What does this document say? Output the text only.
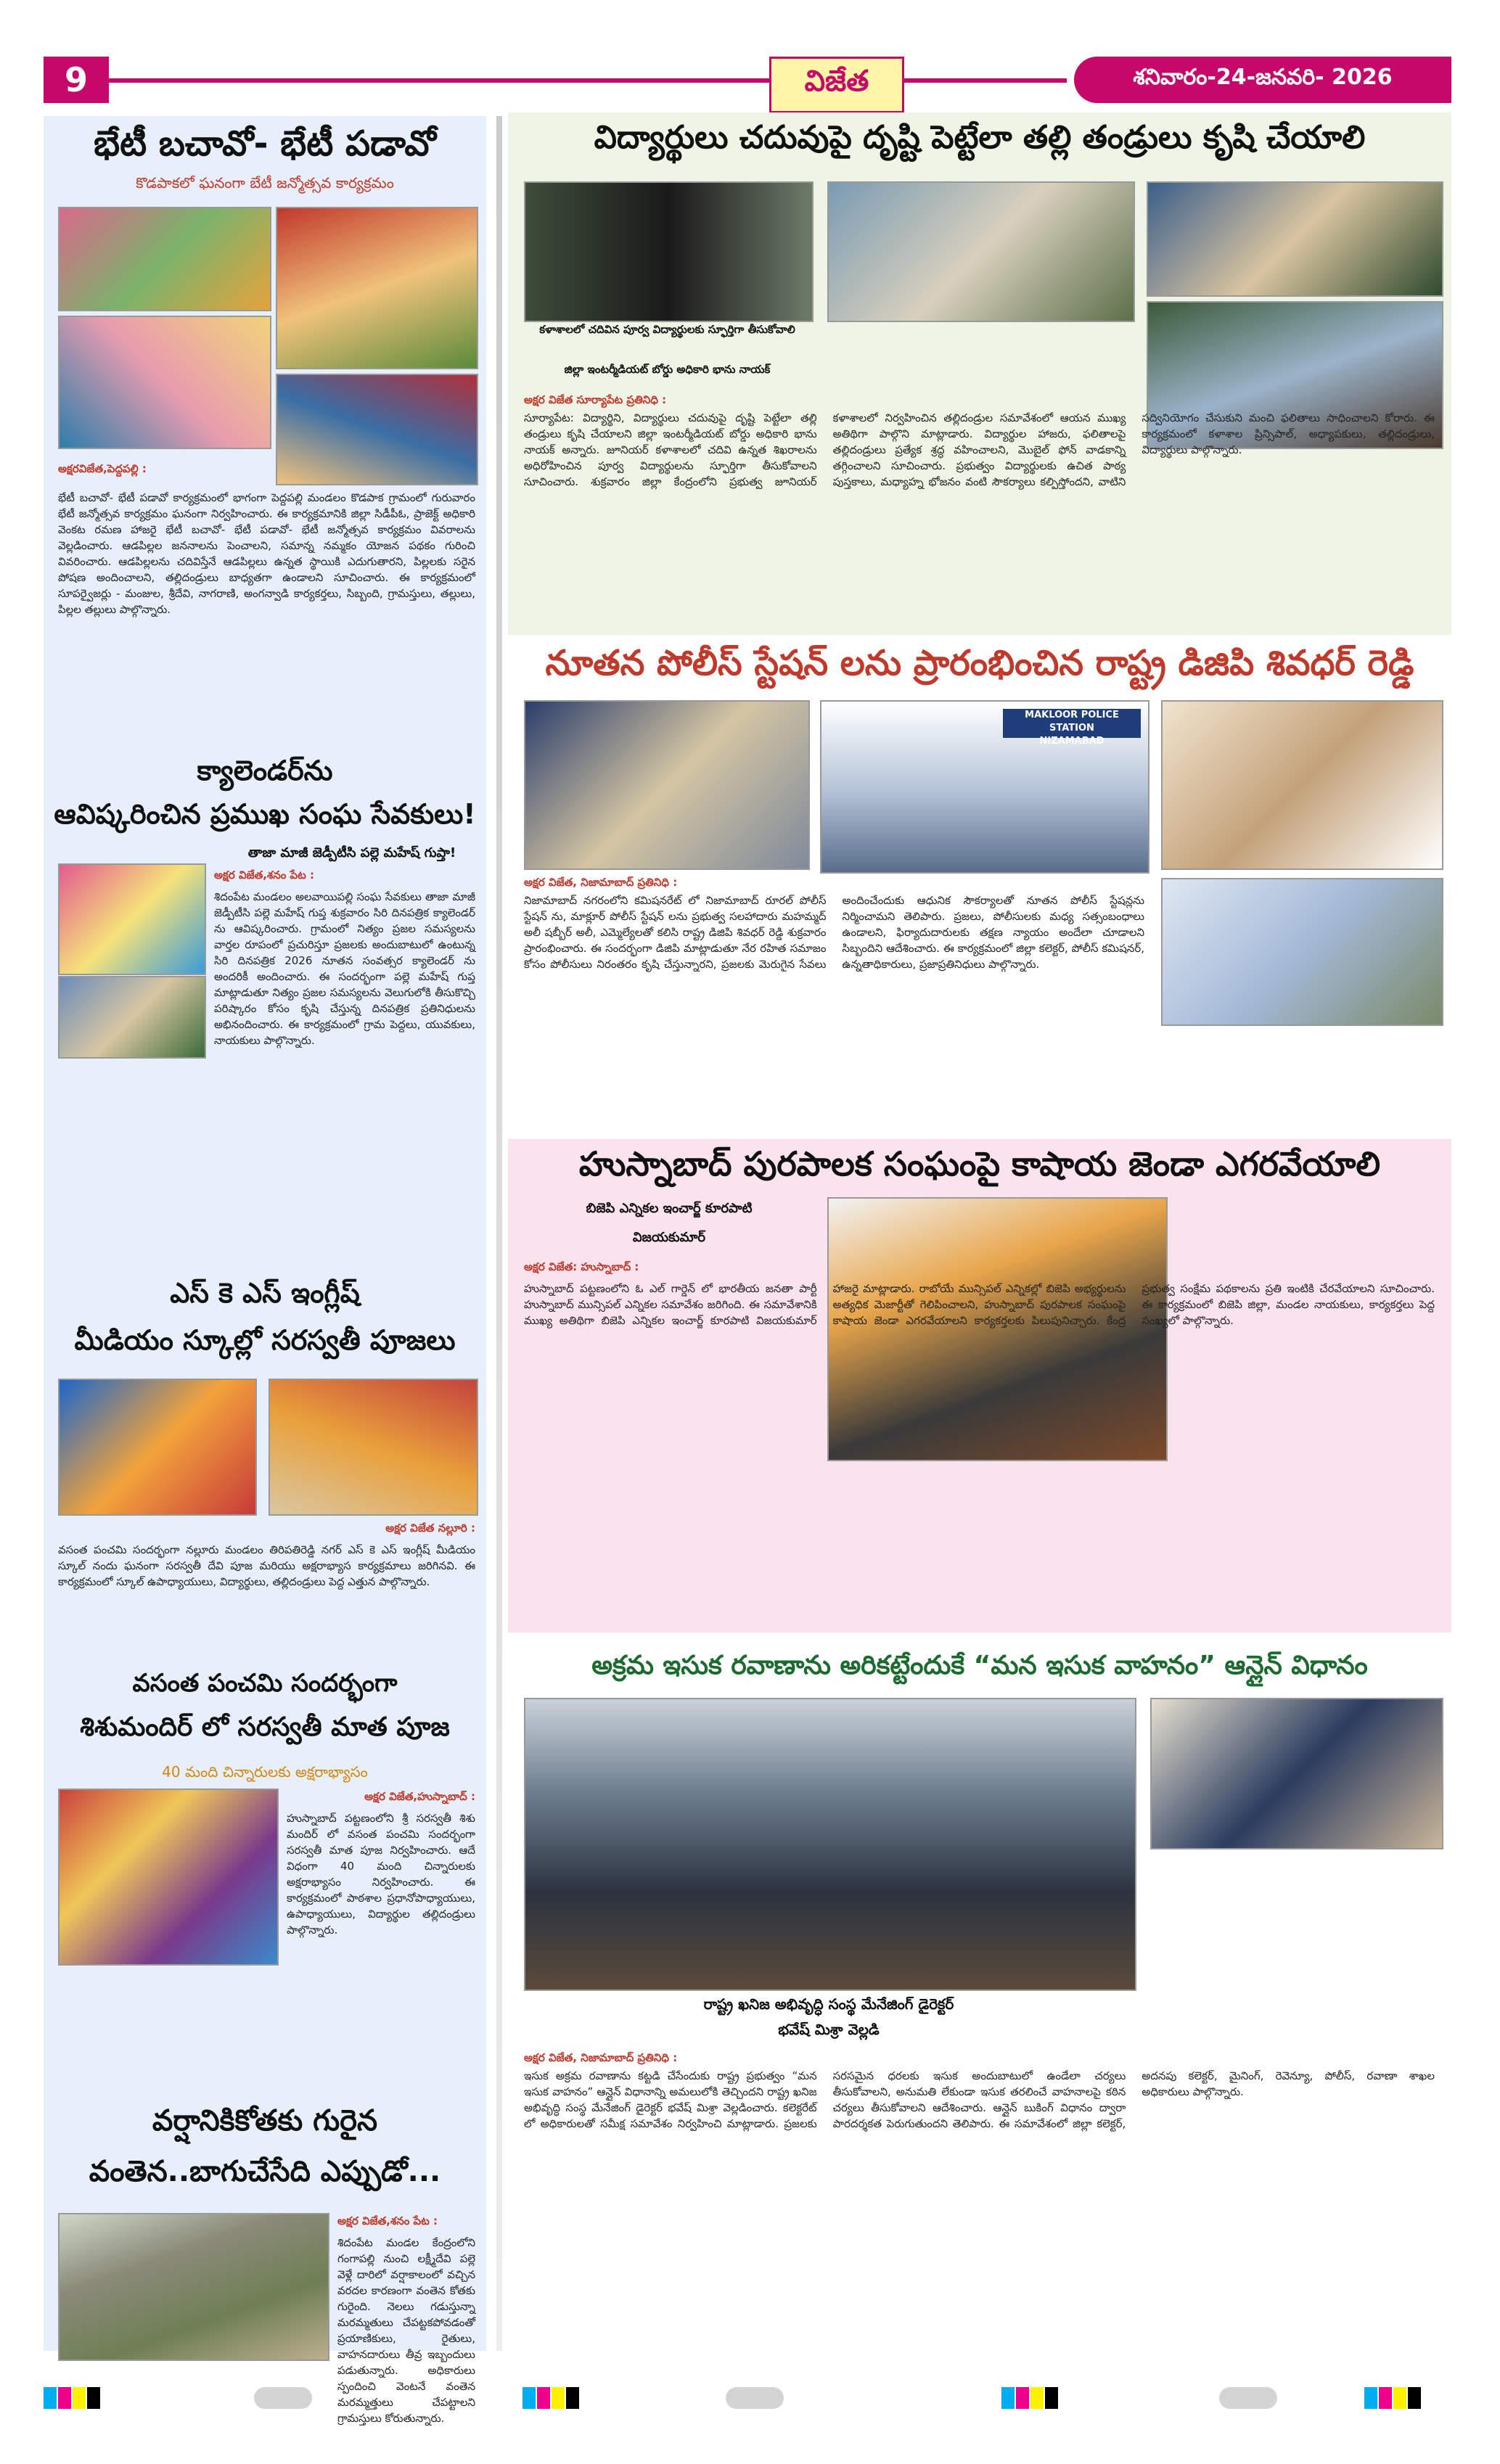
9	విజేత	శనివారం-24-జనవరి- 2026
భేటీ బచావో- భేటీ పడావో
కొడపాకలో ఘనంగా బేటీ జన్మోత్సవ కార్యక్రమం
అక్షరవిజేత,పెద్దపల్లి :
భేటీ బచావో- భేటీ పడావో కార్యక్రమంలో భాగంగా పెద్దపల్లి మండలం కొడపాక గ్రామంలో గురువారం భేటీ జన్మోత్సవ కార్యక్రమం ఘనంగా నిర్వహించారు. ఈ కార్యక్రమానికి జిల్లా సిడీపీఓ, ప్రాజెక్ట్ అధికారి వెంకట రమణ హాజరై భేటీ బచావో- భేటీ పడావో- భేటీ జన్మోత్సవ కార్యక్రమం వివరాలను వెల్లడించారు. ఆడపిల్లల జననాలను పెంచాలని, సమాన్న నమ్మకం యోజన పథకం గురించి వివరించారు. ఆడపిల్లలను చదివిస్తేనే ఆడపిల్లలు ఉన్నత స్థాయికి ఎదుగుతారని, పిల్లలకు సరైన పోషణ అందించాలని, తల్లిదండ్రులు బాధ్యతగా ఉండాలని సూచించారు. ఈ కార్యక్రమంలో సూపర్వైజర్లు - మంజుల, శ్రీదేవి, నాగరాణి, అంగన్వాడి కార్యకర్తలు, సిబ్బంది, గ్రామస్తులు, తల్లులు, పిల్లల తల్లులు పాల్గొన్నారు.
క్యాలెండర్‌ను
ఆవిష్కరించిన ప్రముఖ సంఘ సేవకులు!
తాజా మాజీ జెడ్పీటీసి పల్లె మహేష్ గుప్తా!
అక్షర విజేత,శనం పేట :
శిదంపేట మండలం అలవాయిపల్లి సంఘ సేవకులు తాజా మాజీ జెడ్పీటీసి పల్లె మహేష్ గుప్త శుక్రవారం సిరి దినపత్రిక క్యాలెండర్ ను ఆవిష్కరించారు. గ్రామంలో నిత్యం ప్రజల సమస్యలను వార్తల రూపంలో ప్రచురిస్తూ ప్రజలకు అందుబాటులో ఉంటున్న సిరి దినపత్రిక 2026 నూతన సంవత్సర క్యాలెండర్ ను అందరికీ అందించారు. ఈ సందర్భంగా పల్లె మహేష్ గుప్త మాట్లాడుతూ నిత్యం ప్రజల సమస్యలను వెలుగులోకి తీసుకొచ్చి పరిష్కారం కోసం కృషి చేస్తున్న దినపత్రిక ప్రతినిధులను అభినందించారు. ఈ కార్యక్రమంలో గ్రామ పెద్దలు, యువకులు, నాయకులు పాల్గొన్నారు.
ఎస్ కె ఎస్ ఇంగ్లీష్
మీడియం స్కూల్లో సరస్వతీ పూజలు
అక్షర విజేత నల్లూరి :
వసంత పంచమి సందర్భంగా నల్లూరు మండలం తిరిపతిరెడ్డి నగర్ ఎస్ కె ఎస్ ఇంగ్లీష్ మీడియం స్కూల్ నందు ఘనంగా సరస్వతీ దేవి పూజ మరియు అక్షరాభ్యాస కార్యక్రమాలు జరిగినవి. ఈ కార్యక్రమంలో స్కూల్ ఉపాధ్యాయులు, విద్యార్థులు, తల్లిదండ్రులు పెద్ద ఎత్తున పాల్గొన్నారు.
వసంత పంచమి సందర్భంగా
శిశుమందిర్ లో సరస్వతీ మాత పూజ
40 మంది చిన్నారులకు అక్షరాభ్యాసం
అక్షర విజేత,హుస్నాబాద్ :
హుస్నాబాద్ పట్టణంలోని శ్రీ సరస్వతీ శిశు మందిర్ లో వసంత పంచమి సందర్భంగా సరస్వతీ మాత పూజ నిర్వహించారు. ఆదే విధంగా 40 మంది చిన్నారులకు అక్షరాభ్యాసం నిర్వహించారు. ఈ కార్యక్రమంలో పాఠశాల ప్రధానోపాధ్యాయులు, ఉపాధ్యాయులు, విద్యార్థుల తల్లిదండ్రులు పాల్గొన్నారు.
వర్షానికికోతకు గురైన
వంతెన..బాగుచేసేది ఎప్పుడో...
అక్షర విజేత,శనం పేట :
శిదంపేట మండల కేంద్రంలోని గంగాపల్లి నుంచి లక్ష్మీదేవి పల్లె వెళ్లే దారిలో వర్షాకాలంలో వచ్చిన వరదల కారణంగా వంతెన కోతకు గురైంది. నెలలు గడుస్తున్నా మరమ్మతులు చేపట్టకపోవడంతో ప్రయాణికులు, రైతులు, వాహనదారులు తీవ్ర ఇబ్బందులు పడుతున్నారు. అధికారులు స్పందించి వెంటనే వంతెన మరమ్మత్తులు చేపట్టాలని గ్రామస్తులు కోరుతున్నారు.
విద్యార్థులు చదువుపై దృష్టి పెట్టేలా తల్లి తండ్రులు కృషి చేయాలి
కళాశాలలో చదివిన పూర్వ విద్యార్థులకు స్ఫూర్తిగా తీసుకోవాలి
జిల్లా ఇంటర్మీడియట్ బోర్డు అధికారి భాను నాయక్
అక్షర విజేత సూర్యాపేట ప్రతినిధి :
సూర్యాపేట: విద్యార్థిని, విద్యార్థులు చదువుపై దృష్టి పెట్టేలా తల్లి తండ్రులు కృషి చేయాలని జిల్లా ఇంటర్మీడియట్ బోర్డు అధికారి భాను నాయక్ అన్నారు. జూనియర్ కళాశాలలో చదివి ఉన్నత శిఖరాలను అధిరోహించిన పూర్వ విద్యార్థులను స్ఫూర్తిగా తీసుకోవాలని సూచించారు. శుక్రవారం జిల్లా కేంద్రంలోని ప్రభుత్వ జూనియర్ కళాశాలలో నిర్వహించిన తల్లిదండ్రుల సమావేశంలో ఆయన ముఖ్య అతిథిగా పాల్గొని మాట్లాడారు. విద్యార్థుల హాజరు, ఫలితాలపై తల్లిదండ్రులు ప్రత్యేక శ్రద్ధ వహించాలని, మొబైల్ ఫోన్ వాడకాన్ని తగ్గించాలని సూచించారు. ప్రభుత్వం విద్యార్థులకు ఉచిత పాఠ్య పుస్తకాలు, మధ్యాహ్న భోజనం వంటి సౌకర్యాలు కల్పిస్తోందని, వాటిని సద్వినియోగం చేసుకుని మంచి ఫలితాలు సాధించాలని కోరారు. ఈ కార్యక్రమంలో కళాశాల ప్రిన్సిపాల్, అధ్యాపకులు, తల్లిదండ్రులు, విద్యార్థులు పాల్గొన్నారు.
నూతన పోలీస్ స్టేషన్ లను ప్రారంభించిన రాష్ట్ర డిజిపి శివధర్ రెడ్డి
MAKLOOR POLICE STATION
NIZAMABAD
అక్షర విజేత, నిజామాబాద్ ప్రతినిధి :
నిజామాబాద్ నగరంలోని కమిషనరేట్ లో నిజామాబాద్ రూరల్ పోలీస్ స్టేషన్ ను, మాక్లూర్ పోలీస్ స్టేషన్ లను ప్రభుత్వ సలహాదారు మహమ్మద్ అలీ షబ్బీర్ అలీ, ఎమ్మెల్యేలతో కలిసి రాష్ట్ర డిజిపి శివధర్ రెడ్డి శుక్రవారం ప్రారంభించారు. ఈ సందర్భంగా డిజిపి మాట్లాడుతూ నేర రహిత సమాజం కోసం పోలీసులు నిరంతరం కృషి చేస్తున్నారని, ప్రజలకు మెరుగైన సేవలు అందించేందుకు ఆధునిక సౌకర్యాలతో నూతన పోలీస్ స్టేషన్లను నిర్మించామని తెలిపారు. ప్రజలు, పోలీసులకు మధ్య సత్సంబంధాలు ఉండాలని, ఫిర్యాదుదారులకు తక్షణ న్యాయం అందేలా చూడాలని సిబ్బందిని ఆదేశించారు. ఈ కార్యక్రమంలో జిల్లా కలెక్టర్, పోలీస్ కమిషనర్, ఉన్నతాధికారులు, ప్రజాప్రతినిధులు పాల్గొన్నారు.
హుస్నాబాద్ పురపాలక సంఘంపై కాషాయ జెండా ఎగరవేయాలి
బిజెపి ఎన్నికల ఇంచార్జ్ కూరపాటి
విజయకుమార్
అక్షర విజేత: హుస్నాబాద్ :
హుస్నాబాద్ పట్టణంలోని ఓ ఎల్ గార్డెన్ లో భారతీయ జనతా పార్టీ హుస్నాబాద్ మున్సిపల్ ఎన్నికల సమావేశం జరిగింది. ఈ సమావేశానికి ముఖ్య అతిథిగా బిజెపి ఎన్నికల ఇంచార్జ్ కూరపాటి విజయకుమార్ హాజరై మాట్లాడారు. రాబోయే మున్సిపల్ ఎన్నికల్లో బిజెపి అభ్యర్థులను అత్యధిక మెజార్టీతో గెలిపించాలని, హుస్నాబాద్ పురపాలక సంఘంపై కాషాయ జెండా ఎగరవేయాలని కార్యకర్తలకు పిలుపునిచ్చారు. కేంద్ర ప్రభుత్వ సంక్షేమ పథకాలను ప్రతి ఇంటికి చేరవేయాలని సూచించారు. ఈ కార్యక్రమంలో బిజెపి జిల్లా, మండల నాయకులు, కార్యకర్తలు పెద్ద సంఖ్యలో పాల్గొన్నారు.
అక్రమ ఇసుక రవాణాను అరికట్టేందుకే “మన ఇసుక వాహనం” ఆన్లైన్ విధానం
రాష్ట్ర ఖనిజ అభివృద్ధి సంస్థ మేనేజింగ్ డైరెక్టర్
భవేష్ మిశ్రా వెల్లడి
అక్షర విజేత, నిజామాబాద్ ప్రతినిధి :
ఇసుక అక్రమ రవాణాను కట్టడి చేసేందుకు రాష్ట్ర ప్రభుత్వం “మన ఇసుక వాహనం” ఆన్లైన్ విధానాన్ని అమలులోకి తెచ్చిందని రాష్ట్ర ఖనిజ అభివృద్ధి సంస్థ మేనేజింగ్ డైరెక్టర్ భవేష్ మిశ్రా వెల్లడించారు. కలెక్టరేట్ లో అధికారులతో సమీక్ష సమావేశం నిర్వహించి మాట్లాడారు. ప్రజలకు సరసమైన ధరలకు ఇసుక అందుబాటులో ఉండేలా చర్యలు తీసుకోవాలని, అనుమతి లేకుండా ఇసుక తరలించే వాహనాలపై కఠిన చర్యలు తీసుకోవాలని ఆదేశించారు. ఆన్లైన్ బుకింగ్ విధానం ద్వారా పారదర్శకత పెరుగుతుందని తెలిపారు. ఈ సమావేశంలో జిల్లా కలెక్టర్, అదనపు కలెక్టర్, మైనింగ్, రెవెన్యూ, పోలీస్, రవాణా శాఖల అధికారులు పాల్గొన్నారు.
